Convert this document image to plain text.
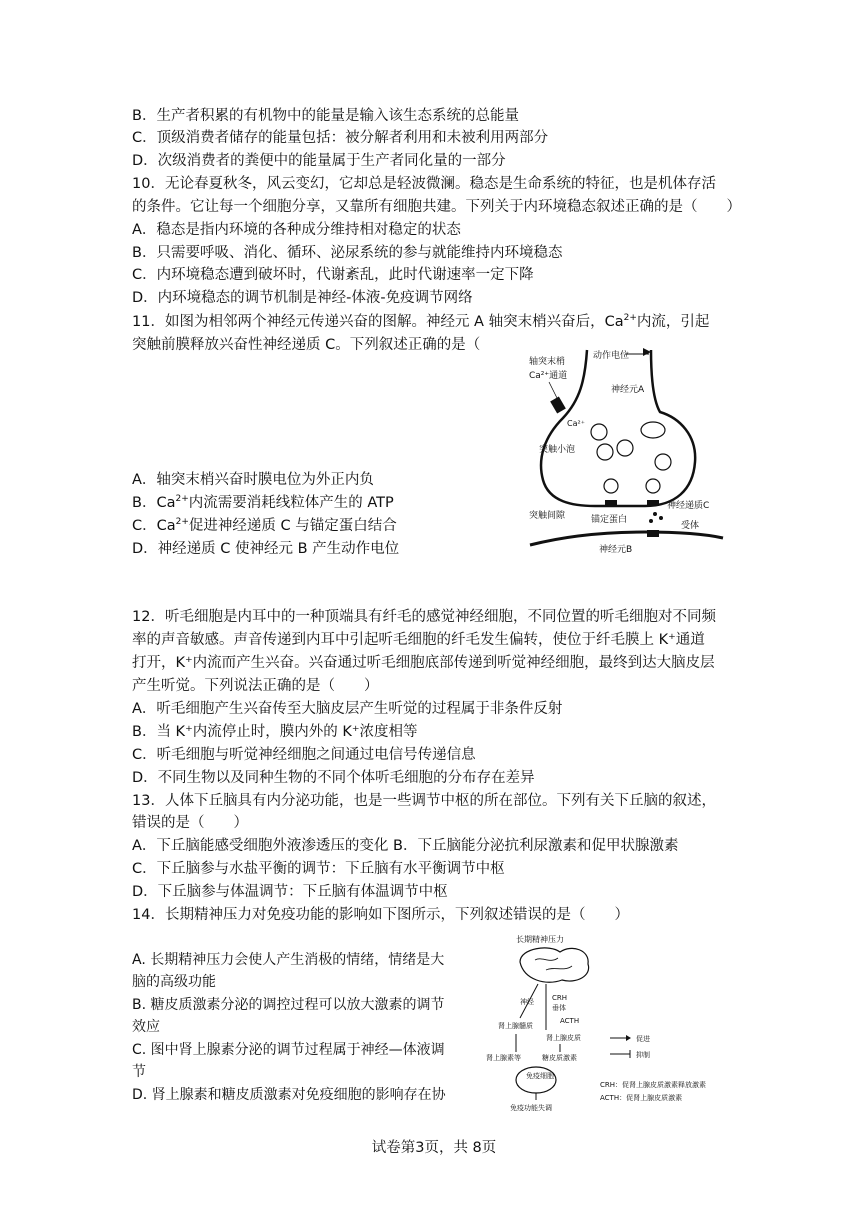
B．生产者积累的有机物中的能量是输入该生态系统的总能量
C．顶级消费者储存的能量包括：被分解者利用和未被利用两部分
D．次级消费者的粪便中的能量属于生产者同化量的一部分
10．无论春夏秋冬，风云变幻，它却总是轻波微澜。稳态是生命系统的特征，也是机体存活
的条件。它让每一个细胞分享，又靠所有细胞共建。下列关于内环境稳态叙述正确的是（　　）
A．稳态是指内环境的各种成分维持相对稳定的状态
B．只需要呼吸、消化、循环、泌尿系统的参与就能维持内环境稳态
C．内环境稳态遭到破坏时，代谢紊乱，此时代谢速率一定下降
D．内环境稳态的调节机制是神经-体液-免疫调节网络
11．如图为相邻两个神经元传递兴奋的图解。神经元 A 轴突末梢兴奋后，$Ca^{2+}$内流，引起
突触前膜释放兴奋性神经递质 C。下列叙述正确的是（
A．轴突末梢兴奋时膜电位为外正内负
B．$Ca^{2+}$内流需要消耗线粒体产生的 ATP
C．$Ca^{2+}$促进神经递质 C 与锚定蛋白结合
D．神经递质 C 使神经元 B 产生动作电位
动作电位
轴突末梢
Ca²⁺通道
神经元A
Ca²⁺
突触小泡
突触间隙	锚定蛋白
神经递质C
受体
神经元B
12．听毛细胞是内耳中的一种顶端具有纤毛的感觉神经细胞，不同位置的听毛细胞对不同频
率的声音敏感。声音传递到内耳中引起听毛细胞的纤毛发生偏转，使位于纤毛膜上 K⁺通道
打开，K⁺内流而产生兴奋。兴奋通过听毛细胞底部传递到听觉神经细胞，最终到达大脑皮层
产生听觉。下列说法正确的是（　　）
A．听毛细胞产生兴奋传至大脑皮层产生听觉的过程属于非条件反射
B．当 K⁺内流停止时，膜内外的 K⁺浓度相等
C．听毛细胞与听觉神经细胞之间通过电信号传递信息
D．不同生物以及同种生物的不同个体听毛细胞的分布存在差异
13．人体下丘脑具有内分泌功能，也是一些调节中枢的所在部位。下列有关下丘脑的叙述，
错误的是（　　）
A．下丘脑能感受细胞外液渗透压的变化 B．下丘脑能分泌抗利尿激素和促甲状腺激素
C．下丘脑参与水盐平衡的调节：下丘脑有水平衡调节中枢
D．下丘脑参与体温调节：下丘脑有体温调节中枢
14．长期精神压力对免疫功能的影响如下图所示，下列叙述错误的是（　　）
A. 长期精神压力会使人产生消极的情绪，情绪是大
脑的高级功能
B. 糖皮质激素分泌的调控过程可以放大激素的调节
效应
C. 图中肾上腺素分泌的调节过程属于神经—体液调
节
D. 肾上腺素和糖皮质激素对免疫细胞的影响存在协
长期精神压力
CRH
垂体
ACTH
神经
肾上腺髓质
肾上腺皮质
肾上腺素等	糖皮质激素
免疫细胞
免疫功能失调
促进
抑制
CRH：促肾上腺皮质激素释放激素
ACTH：促肾上腺皮质激素
试卷第3页，共 8页
